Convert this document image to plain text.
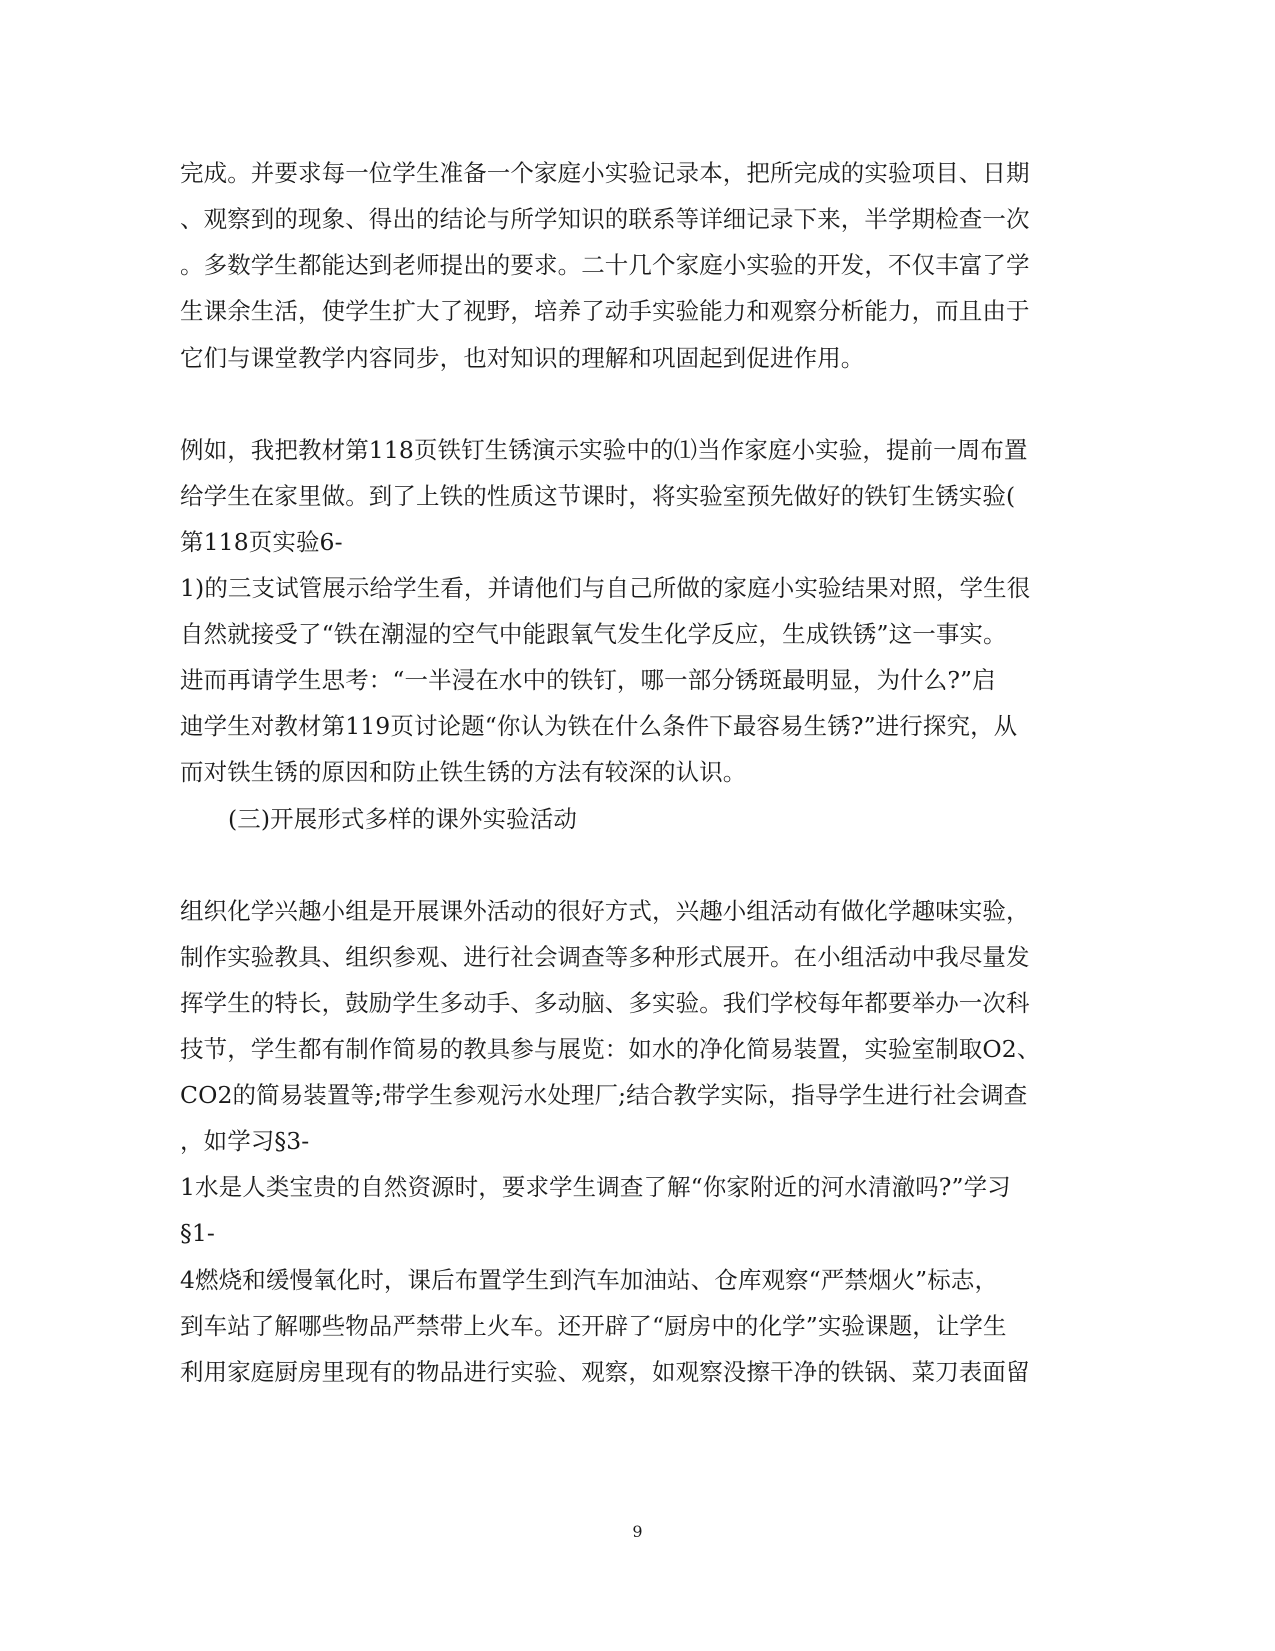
完成。并要求每一位学生准备一个家庭小实验记录本，把所完成的实验项目、日期
、观察到的现象、得出的结论与所学知识的联系等详细记录下来，半学期检查一次
。多数学生都能达到老师提出的要求。二十几个家庭小实验的开发，不仅丰富了学
生课余生活，使学生扩大了视野，培养了动手实验能力和观察分析能力，而且由于
它们与课堂教学内容同步，也对知识的理解和巩固起到促进作用。
例如，我把教材第118页铁钉生锈演示实验中的⑴当作家庭小实验，提前一周布置
给学生在家里做。到了上铁的性质这节课时，将实验室预先做好的铁钉生锈实验(
第118页实验6-
1)的三支试管展示给学生看，并请他们与自己所做的家庭小实验结果对照，学生很
自然就接受了“铁在潮湿的空气中能跟氧气发生化学反应，生成铁锈”这一事实。
进而再请学生思考：“一半浸在水中的铁钉，哪一部分锈斑最明显，为什么?”启
迪学生对教材第119页讨论题“你认为铁在什么条件下最容易生锈?”进行探究，从
而对铁生锈的原因和防止铁生锈的方法有较深的认识。
(三)开展形式多样的课外实验活动
组织化学兴趣小组是开展课外活动的很好方式，兴趣小组活动有做化学趣味实验，
制作实验教具、组织参观、进行社会调查等多种形式展开。在小组活动中我尽量发
挥学生的特长，鼓励学生多动手、多动脑、多实验。我们学校每年都要举办一次科
技节，学生都有制作简易的教具参与展览：如水的净化简易装置，实验室制取O2、
CO2的简易装置等;带学生参观污水处理厂;结合教学实际，指导学生进行社会调查
，如学习§3-
1水是人类宝贵的自然资源时，要求学生调查了解“你家附近的河水清澈吗?”学习
§1-
4燃烧和缓慢氧化时，课后布置学生到汽车加油站、仓库观察“严禁烟火”标志，
到车站了解哪些物品严禁带上火车。还开辟了“厨房中的化学”实验课题，让学生
利用家庭厨房里现有的物品进行实验、观察，如观察没擦干净的铁锅、菜刀表面留
9
